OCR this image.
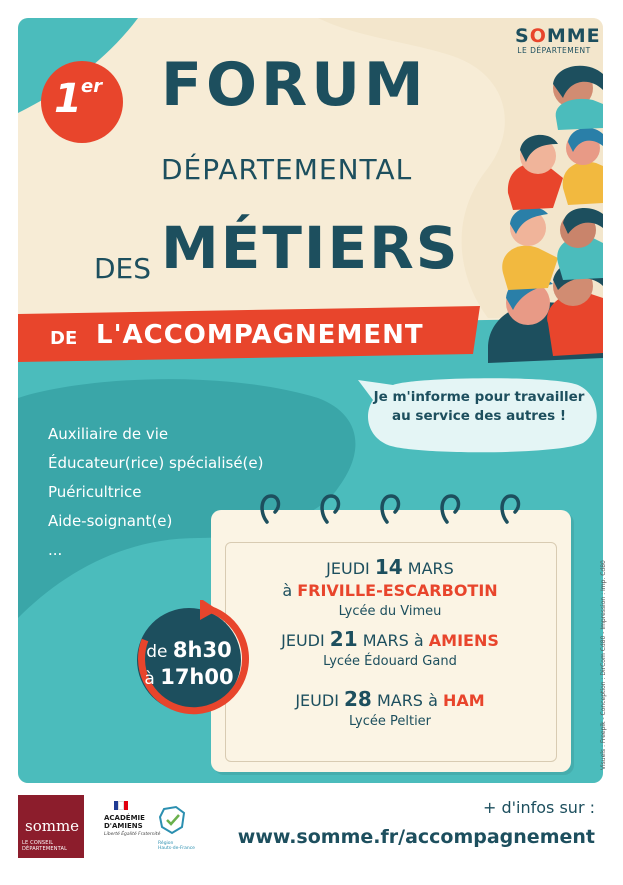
DE L'ACCOMPAGNEMENT
Je m'informe pour travailler
au service des autres !
1 er FORUM
DÉPARTEMENTAL
DES MÉTIERS
SOMME
LE DÉPARTEMENT
Auxiliaire de vie
Éducateur(rice) spécialisé(e)
Puéricultrice
Aide-soignant(e)
...
JEUDI 14 MARS
à FRIVILLE-ESCARBOTIN
Lycée du Vimeu
JEUDI 21 MARS à AMIENS
Lycée Édouard Gand
JEUDI 28 MARS à HAM
Lycée Peltier
de 8h30
à 17h00	Visuels : Freepik - Conception : DirCom Cd80 - Impression : Imp. Cd80
somme
LE CONSEIL DÉPARTEMENTAL
ACADÉMIE
D'AMIENS
Liberté Égalité Fraternité
Région
Hauts-de-France
+ d'infos sur :
www.somme.fr/accompagnement
